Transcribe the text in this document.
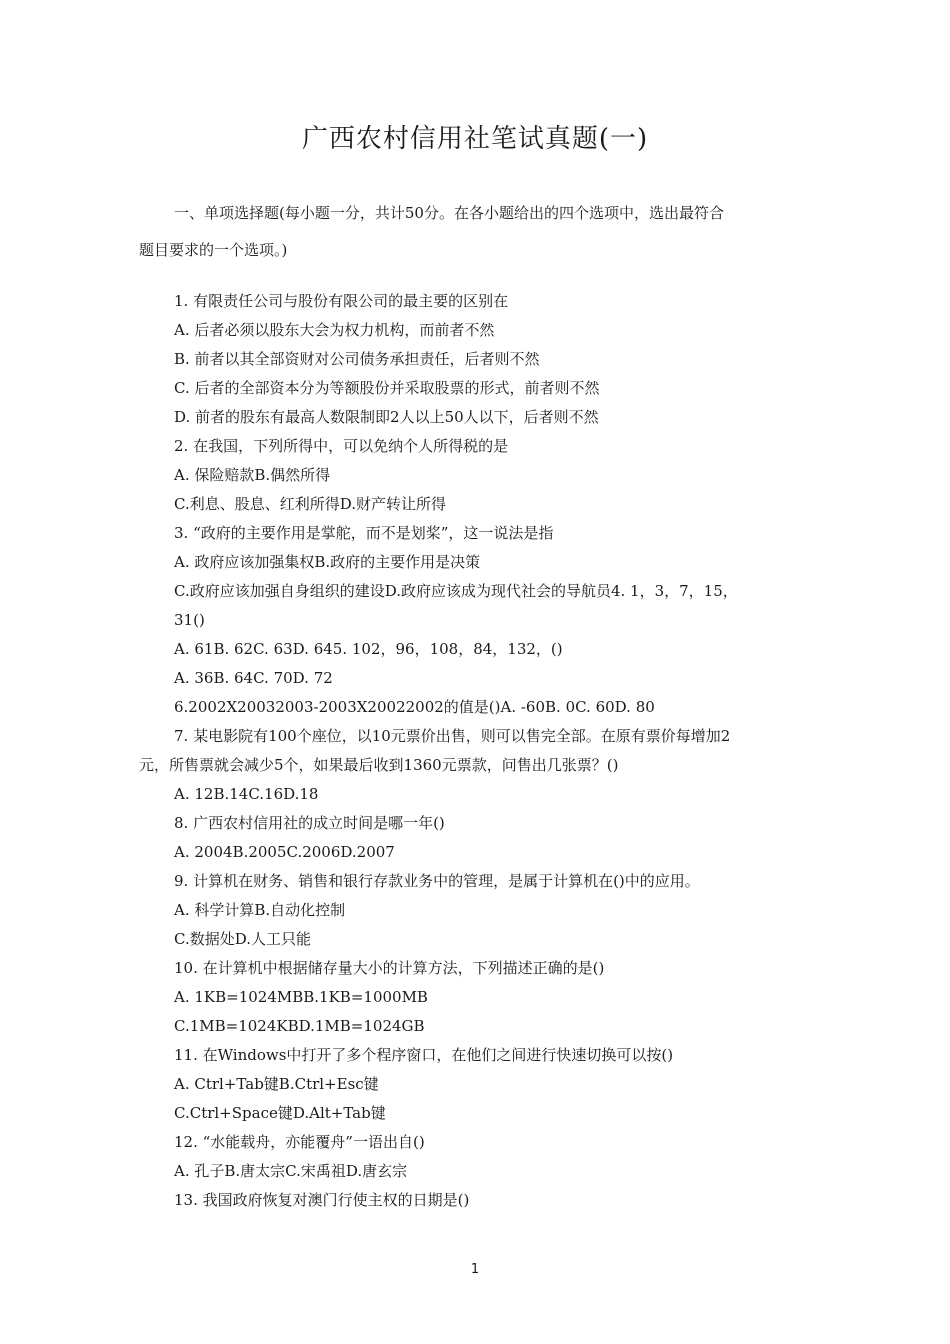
广西农村信用社笔试真题(一)
一、单项选择题(每小题一分，共计50分。在各小题给出的四个选项中，选出最符合
题目要求的一个选项。)
1. 有限责任公司与股份有限公司的最主要的区别在
A. 后者必须以股东大会为权力机构，而前者不然
B. 前者以其全部资财对公司债务承担责任，后者则不然
C. 后者的全部资本分为等额股份并采取股票的形式，前者则不然
D. 前者的股东有最高人数限制即2人以上50人以下，后者则不然
2. 在我国，下列所得中，可以免纳个人所得税的是
A. 保险赔款B.偶然所得
C.利息、股息、红利所得D.财产转让所得
3. “政府的主要作用是掌舵，而不是划桨”，这一说法是指
A. 政府应该加强集权B.政府的主要作用是决策
C.政府应该加强自身组织的建设D.政府应该成为现代社会的导航员4. 1，3，7，15，
31()
A. 61B. 62C. 63D. 645. 102，96，108，84，132，()
A. 36B. 64C. 70D. 72
6.2002X20032003-2003X20022002的值是()A. -60B. 0C. 60D. 80
7. 某电影院有100个座位，以10元票价出售，则可以售完全部。在原有票价每增加2
元，所售票就会减少5个，如果最后收到1360元票款，问售出几张票？()
A. 12B.14C.16D.18
8. 广西农村信用社的成立时间是哪一年()
A. 2004B.2005C.2006D.2007
9. 计算机在财务、销售和银行存款业务中的管理，是属于计算机在()中的应用。
A. 科学计算B.自动化控制
C.数据处D.人工只能
10. 在计算机中根据储存量大小的计算方法，下列描述正确的是()
A. 1KB=1024MBB.1KB=1000MB
C.1MB=1024KBD.1MB=1024GB
11. 在Windows中打开了多个程序窗口，在他们之间进行快速切换可以按()
A. Ctrl+Tab键B.Ctrl+Esc键
C.Ctrl+Space键D.Alt+Tab键
12. “水能载舟，亦能覆舟”一语出自()
A. 孔子B.唐太宗C.宋禹祖D.唐玄宗
13. 我国政府恢复对澳门行使主权的日期是()
1
